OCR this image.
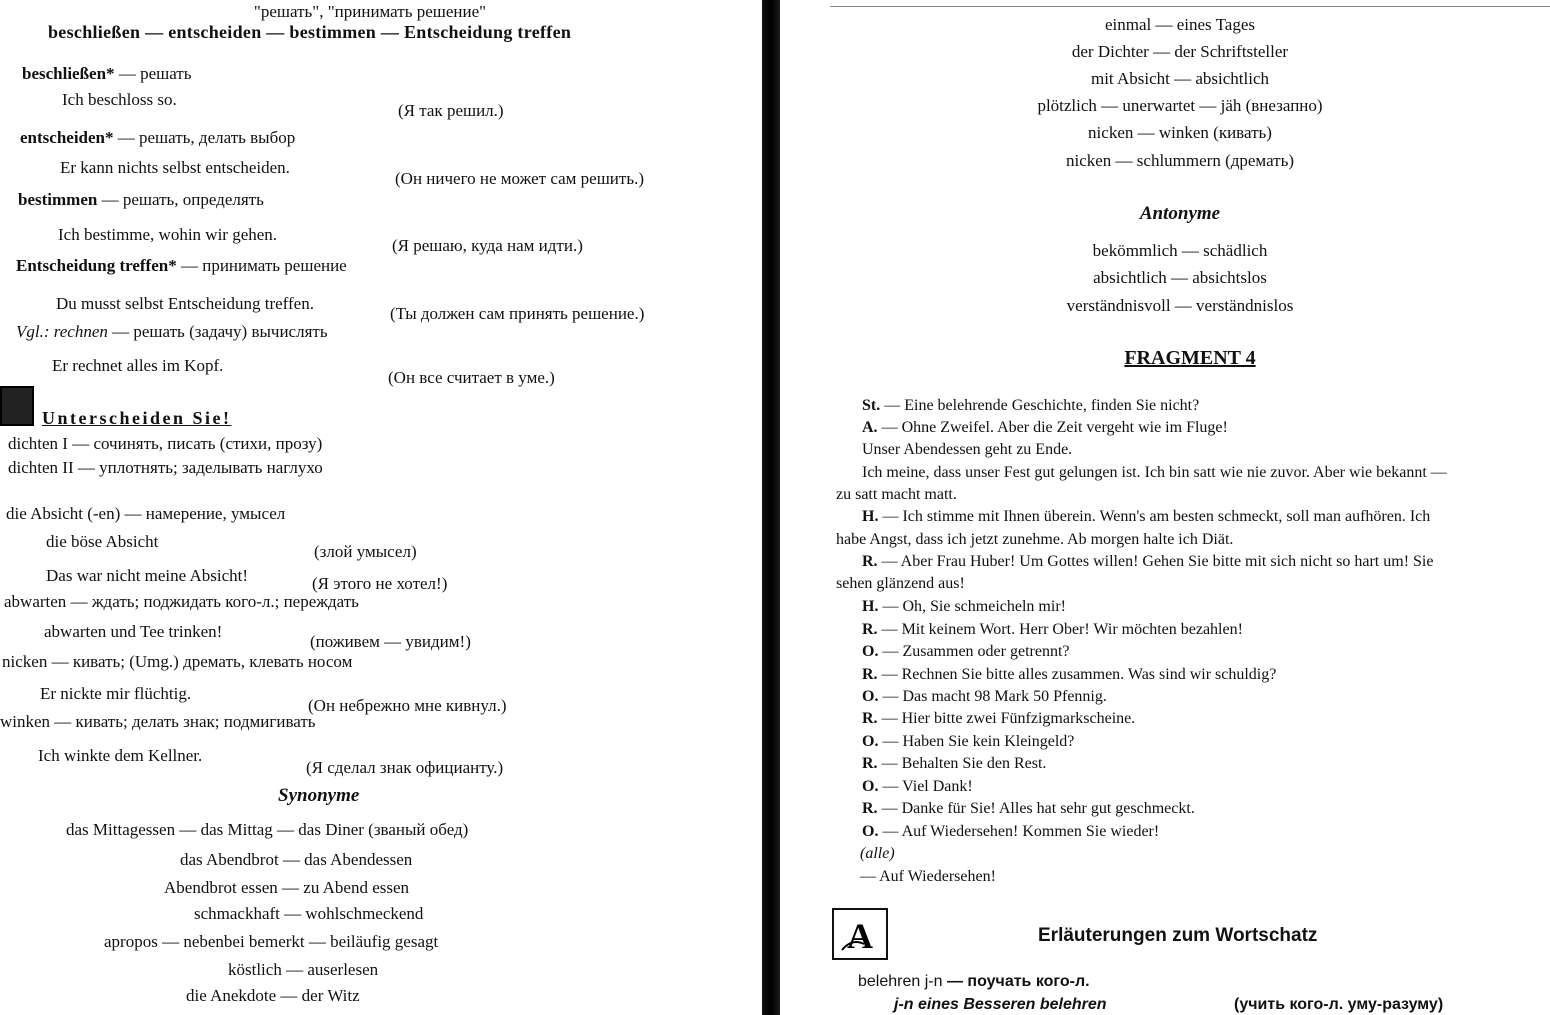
"решать", "принимать решение"
beschließen — entscheiden — bestimmen — Entscheidung treffen
beschließen* — решать
Ich beschloss so.
(Я так решил.)
entscheiden* — решать, делать выбор
Er kann nichts selbst entscheiden.
(Он ничего не может сам решить.)
bestimmen — решать, определять
Ich bestimme, wohin wir gehen.
(Я решаю, куда нам идти.)
Entscheidung treffen* — принимать решение
Du musst selbst Entscheidung treffen.
(Ты должен сам принять решение.)
Vgl.: rechnen — решать (задачу) вычислять
Er rechnet alles im Kopf.
(Он все считает в уме.)
Unterscheiden Sie!
dichten I — сочинять, писать (стихи, прозу)
dichten II — уплотнять; заделывать наглухо
die Absicht (-en) — намерение, умысел
die böse Absicht
(злой умысел)
Das war nicht meine Absicht!	(Я этого не хотел!)
abwarten — ждать; поджидать кого-л.; переждать
abwarten und Tee trinken!
(поживем — увидим!)
nicken — кивать; (Umg.) дремать, клевать носом
Er nickte mir flüchtig.
(Он небрежно мне кивнул.)
winken — кивать; делать знак; подмигивать
Ich winkte dem Kellner.
(Я сделал знак официанту.)
Synonyme
das Mittagessen — das Mittag — das Diner (званый обед)
das Abendbrot — das Abendessen
Abendbrot essen — zu Abend essen
schmackhaft — wohlschmeckend
apropos — nebenbei bemerkt — beiläufig gesagt
köstlich — auserlesen
die Anekdote — der Witz
einmal — eines Tages
der Dichter — der Schriftsteller
mit Absicht — absichtlich
plötzlich — unerwartet — jäh (внезапно)
nicken — winken (кивать)
nicken — schlummern (дремать)
Antonyme
bekömmlich — schädlich
absichtlich — absichtslos
verständnisvoll — verständnislos
FRAGMENT 4
St. — Eine belehrende Geschichte, finden Sie nicht?
A. — Ohne Zweifel. Aber die Zeit vergeht wie im Fluge!
Unser Abendessen geht zu Ende.
Ich meine, dass unser Fest gut gelungen ist. Ich bin satt wie nie zuvor. Aber wie bekannt —
zu satt macht matt.
H. — Ich stimme mit Ihnen überein. Wenn's am besten schmeckt, soll man aufhören. Ich
habe Angst, dass ich jetzt zunehme. Ab morgen halte ich Diät.
R. — Aber Frau Huber! Um Gottes willen! Gehen Sie bitte mit sich nicht so hart um! Sie
sehen glänzend aus!
H. — Oh, Sie schmeicheln mir!
R. — Mit keinem Wort. Herr Ober! Wir möchten bezahlen!
O. — Zusammen oder getrennt?
R. — Rechnen Sie bitte alles zusammen. Was sind wir schuldig?
O. — Das macht 98 Mark 50 Pfennig.
R. — Hier bitte zwei Fünfzigmarkscheine.
O. — Haben Sie kein Kleingeld?
R. — Behalten Sie den Rest.
O. — Viel Dank!
R. — Danke für Sie! Alles hat sehr gut geschmeckt.
O. — Auf Wiedersehen! Kommen Sie wieder!
(alle)
— Auf Wiedersehen!
A	Erläuterungen zum Wortschatz
belehren j-n — поучать кого-л.
j-n eines Besseren belehren	(учить кого-л. уму-разуму)
